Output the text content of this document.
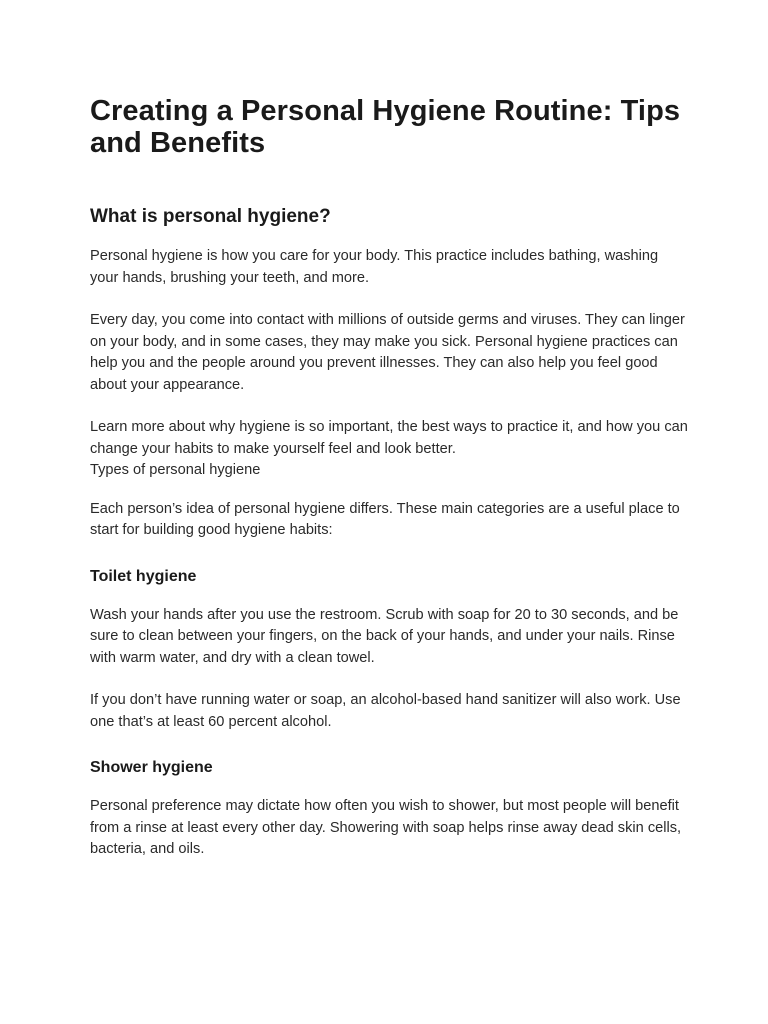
Creating a Personal Hygiene Routine: Tips and Benefits
What is personal hygiene?

Personal hygiene is how you care for your body. This practice includes bathing, washing your hands, brushing your teeth, and more.

Every day, you come into contact with millions of outside germs and viruses. They can linger on your body, and in some cases, they may make you sick. Personal hygiene practices can help you and the people around you prevent illnesses. They can also help you feel good about your appearance.

Learn more about why hygiene is so important, the best ways to practice it, and how you can change your habits to make yourself feel and look better.

Types of personal hygiene

Each person’s idea of personal hygiene differs. These main categories are a useful place to start for building good hygiene habits:

Toilet hygiene

Wash your hands after you use the restroom. Scrub with soap for 20 to 30 seconds, and be sure to clean between your fingers, on the back of your hands, and under your nails. Rinse with warm water, and dry with a clean towel.

If you don’t have running water or soap, an alcohol-based hand sanitizer will also work. Use one that’s at least 60 percent alcohol.

Shower hygiene

Personal preference may dictate how often you wish to shower, but most people will benefit from a rinse at least every other day. Showering with soap helps rinse away dead skin cells, bacteria, and oils.
